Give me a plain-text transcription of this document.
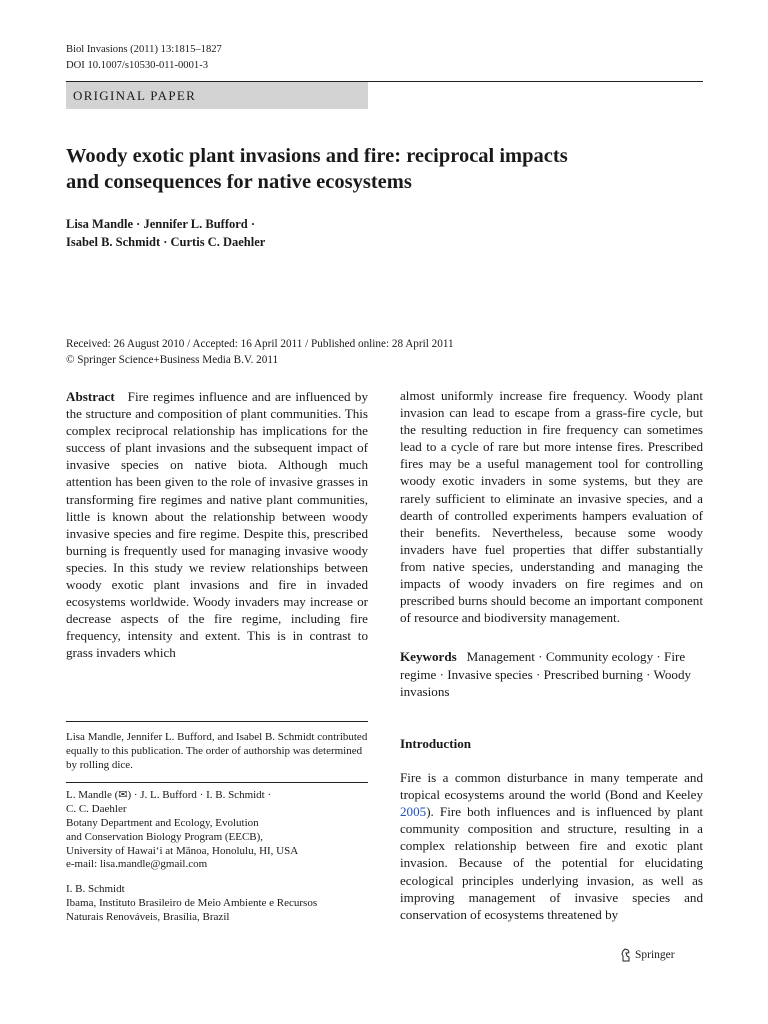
Biol Invasions (2011) 13:1815–1827
DOI 10.1007/s10530-011-0001-3
ORIGINAL PAPER
Woody exotic plant invasions and fire: reciprocal impacts
and consequences for native ecosystems
Lisa Mandle · Jennifer L. Bufford ·
Isabel B. Schmidt · Curtis C. Daehler
Received: 26 August 2010 / Accepted: 16 April 2011 / Published online: 28 April 2011
© Springer Science+Business Media B.V. 2011

Abstract Fire regimes influence and are influenced by the structure and composition of plant communities. This complex reciprocal relationship has implications for the success of plant invasions and the subsequent impact of invasive species on native biota. Although much attention has been given to the role of invasive grasses in transforming fire regimes and native plant communities, little is known about the relationship between woody invasive species and fire regime. Despite this, prescribed burning is frequently used for managing invasive woody species. In this study we review relationships between woody exotic plant invasions and fire in invaded ecosystems worldwide. Woody invaders may increase or decrease aspects of the fire regime, including fire frequency, intensity and extent. This is in contrast to grass invaders which

almost uniformly increase fire frequency. Woody plant invasion can lead to escape from a grass-fire cycle, but the resulting reduction in fire frequency can sometimes lead to a cycle of rare but more intense fires. Prescribed fires may be a useful management tool for controlling woody exotic invaders in some systems, but they are rarely sufficient to eliminate an invasive species, and a dearth of controlled experiments hampers evaluation of their benefits. Nevertheless, because some woody invaders have fuel properties that differ substantially from native species, understanding and managing the impacts of woody invaders on fire regimes and on prescribed burns should become an important component of resource and biodiversity management.

Keywords Management · Community ecology · Fire regime · Invasive species · Prescribed burning · Woody invasions

Lisa Mandle, Jennifer L. Bufford, and Isabel B. Schmidt contributed equally to this publication. The order of authorship was determined by rolling dice.

L. Mandle (✉) · J. L. Bufford · I. B. Schmidt ·
C. C. Daehler
Botany Department and Ecology, Evolution
and Conservation Biology Program (EECB),
University of Hawai‘i at Mānoa, Honolulu, HI, USA
e-mail: lisa.mandle@gmail.com
I. B. Schmidt
Ibama, Instituto Brasileiro de Meio Ambiente e Recursos
Naturais Renováveis, Brasília, Brazil
Introduction

Fire is a common disturbance in many temperate and tropical ecosystems around the world (Bond and Keeley 2005). Fire both influences and is influenced by plant community composition and structure, resulting in a complex relationship between fire and exotic plant invasion. Because of the potential for elucidating ecological principles underlying invasion, as well as improving management of invasive species and conservation of ecosystems threatened by

Springer
